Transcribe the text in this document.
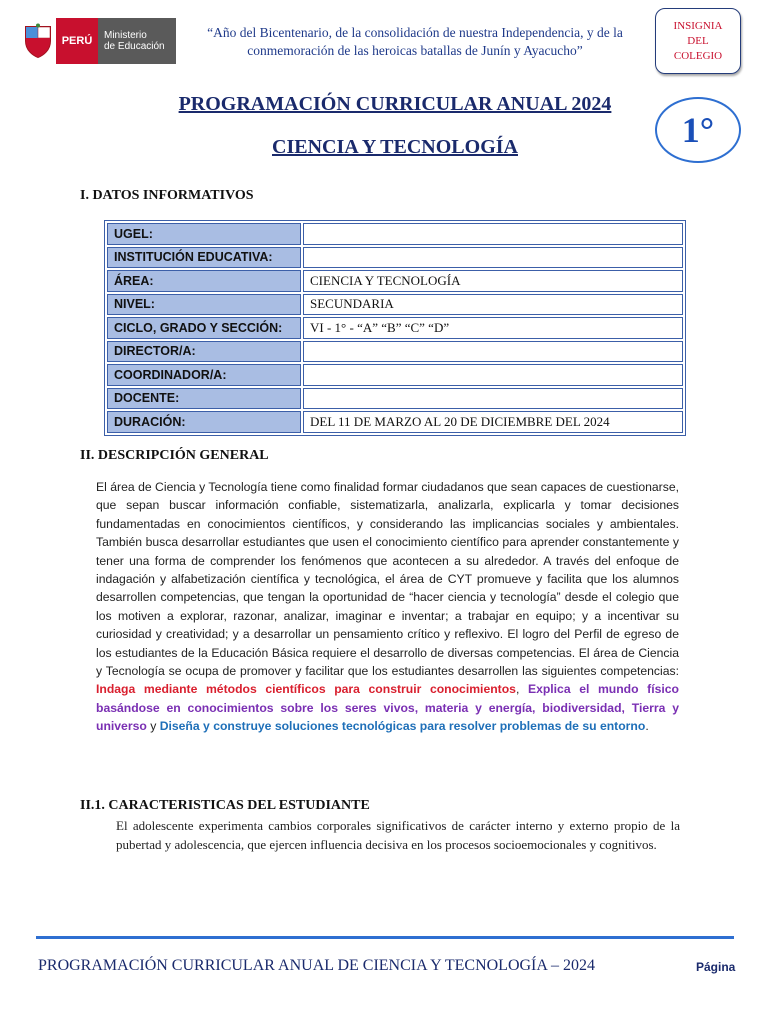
PERÚ	Ministerio
de Educación
“Año del Bicentenario, de la consolidación de nuestra Independencia, y de la conmemoración de las heroicas batallas de Junín y Ayacucho”
INSIGNIA
DEL
COLEGIO
PROGRAMACIÓN CURRICULAR ANUAL 2024
CIENCIA Y TECNOLOGÍA	1°
I. DATOS INFORMATIVOS
UGEL:	
INSTITUCIÓN EDUCATIVA:	
ÁREA:	CIENCIA Y TECNOLOGÍA
NIVEL:	SECUNDARIA
CICLO, GRADO Y SECCIÓN:	VI - 1° - “A” “B” “C” “D”
DIRECTOR/A:	
COORDINADOR/A:	
DOCENTE:	
DURACIÓN:	DEL 11 DE MARZO AL 20 DE DICIEMBRE DEL 2024
II. DESCRIPCIÓN GENERAL
El área de Ciencia y Tecnología tiene como finalidad formar ciudadanos que sean capaces de cuestionarse, que sepan buscar información confiable, sistematizarla, analizarla, explicarla y tomar decisiones fundamentadas en conocimientos científicos, y considerando las implicancias sociales y ambientales. También busca desarrollar estudiantes que usen el conocimiento científico para aprender constantemente y tener una forma de comprender los fenómenos que acontecen a su alrededor. A través del enfoque de indagación y alfabetización científica y tecnológica, el área de CYT promueve y facilita que los alumnos desarrollen competencias, que tengan la oportunidad de “hacer ciencia y tecnología” desde el colegio que los motiven a explorar, razonar, analizar, imaginar e inventar; a trabajar en equipo; y a incentivar su curiosidad y creatividad; y a desarrollar un pensamiento crítico y reflexivo. El logro del Perfil de egreso de los estudiantes de la Educación Básica requiere el desarrollo de diversas competencias. El área de Ciencia y Tecnología se ocupa de promover y facilitar que los estudiantes desarrollen las siguientes competencias: Indaga mediante métodos científicos para construir conocimientos, Explica el mundo físico basándose en conocimientos sobre los seres vivos, materia y energía, biodiversidad, Tierra y universo y Diseña y construye soluciones tecnológicas para resolver problemas de su entorno.
II.1. CARACTERISTICAS DEL ESTUDIANTE
El adolescente experimenta cambios corporales significativos de carácter interno y externo propio de la pubertad y adolescencia, que ejercen influencia decisiva en los procesos socioemocionales y cognitivos.
PROGRAMACIÓN CURRICULAR ANUAL DE CIENCIA Y TECNOLOGÍA – 2024	Página
